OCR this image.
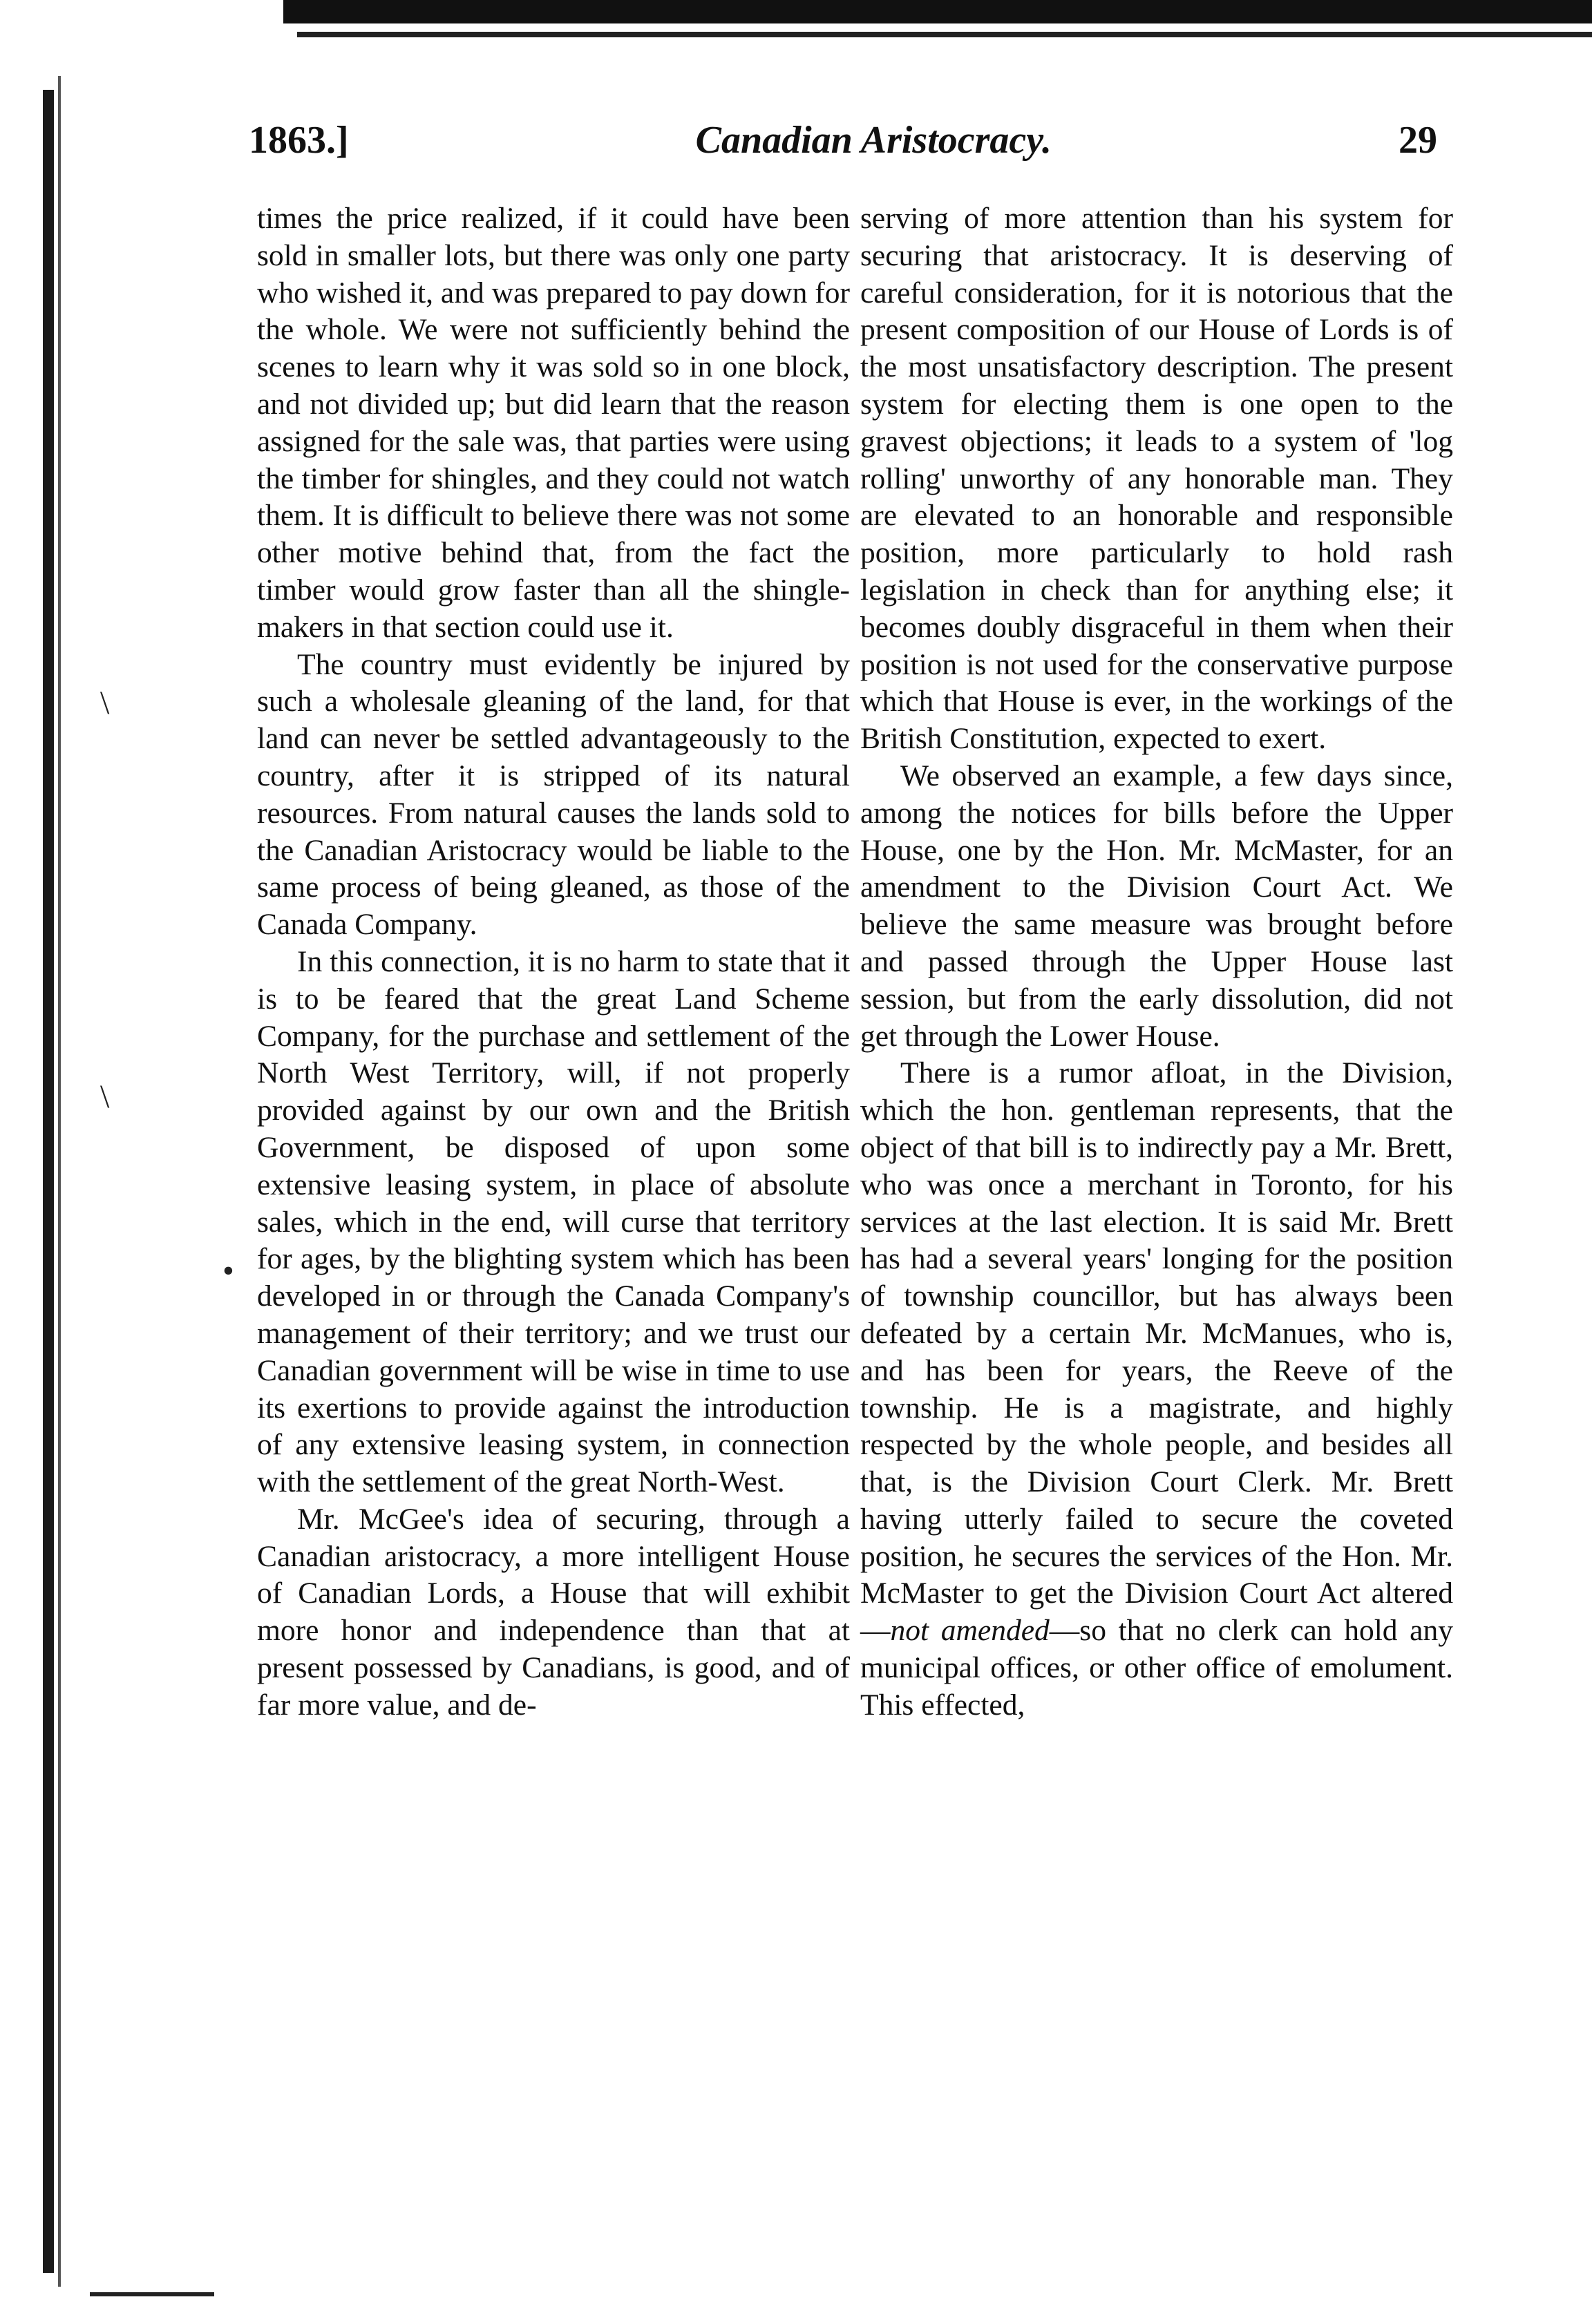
1863.]	Canadian Aristocracy.	29

times the price realized, if it could have been sold in smaller lots, but there was only one party who wished it, and was prepared to pay down for the whole. We were not sufficiently behind the scenes to learn why it was sold so in one block, and not divided up; but did learn that the reason assigned for the sale was, that parties were using the timber for shingles, and they could not watch them. It is difficult to believe there was not some other motive behind that, from the fact the timber would grow faster than all the shingle-makers in that section could use it.

The country must evidently be injured by such a wholesale gleaning of the land, for that land can never be settled advantageously to the country, after it is stripped of its natural resources. From natural causes the lands sold to the Canadian Aristocracy would be liable to the same process of being gleaned, as those of the Canada Company.

In this connection, it is no harm to state that it is to be feared that the great Land Scheme Company, for the purchase and settlement of the North West Territory, will, if not properly provided against by our own and the British Government, be disposed of upon some extensive leasing system, in place of absolute sales, which in the end, will curse that territory for ages, by the blighting system which has been developed in or through the Canada Company's management of their territory; and we trust our Canadian government will be wise in time to use its exertions to provide against the introduction of any extensive leasing system, in connection with the settlement of the great North-West.

Mr. McGee's idea of securing, through a Canadian aristocracy, a more intelligent House of Canadian Lords, a House that will exhibit more honor and independence than that at present possessed by Canadians, is good, and of far more value, and de-

serving of more attention than his system for securing that aristocracy. It is deserving of careful consideration, for it is notorious that the present composition of our House of Lords is of the most unsatisfactory description. The present system for electing them is one open to the gravest objections; it leads to a system of 'log rolling' unworthy of any honorable man. They are elevated to an honorable and responsible position, more particularly to hold rash legislation in check than for anything else; it becomes doubly disgraceful in them when their position is not used for the conservative purpose which that House is ever, in the workings of the British Constitution, expected to exert.

We observed an example, a few days since, among the notices for bills before the Upper House, one by the Hon. Mr. McMaster, for an amendment to the Division Court Act. We believe the same measure was brought before and passed through the Upper House last session, but from the early dissolution, did not get through the Lower House.

There is a rumor afloat, in the Division, which the hon. gentleman represents, that the object of that bill is to indirectly pay a Mr. Brett, who was once a merchant in Toronto, for his services at the last election. It is said Mr. Brett has had a several years' longing for the position of township councillor, but has always been defeated by a certain Mr. McManues, who is, and has been for years, the Reeve of the township. He is a magistrate, and highly respected by the whole people, and besides all that, is the Division Court Clerk. Mr. Brett having utterly failed to secure the coveted position, he secures the services of the Hon. Mr. McMaster to get the Division Court Act altered—not amended—so that no clerk can hold any municipal offices, or other office of emolument. This effected,

\
\
•
